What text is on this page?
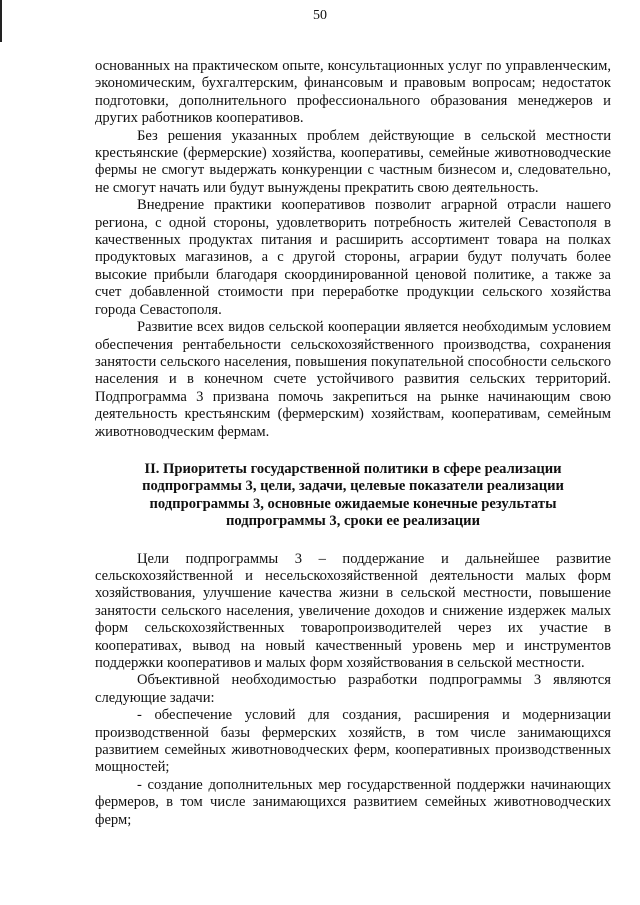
50

основанных на практическом опыте, консультационных услуг по управленческим, экономическим, бухгалтерским, финансовым и правовым вопросам; недостаток подготовки, дополнительного профессионального образования менеджеров и других работников кооперативов.

Без решения указанных проблем действующие в сельской местности крестьянские (фермерские) хозяйства, кооперативы, семейные животноводческие фермы не смогут выдержать конкуренции с частным бизнесом и, следовательно, не смогут начать или будут вынуждены прекратить свою деятельность.

Внедрение практики кооперативов позволит аграрной отрасли нашего региона, с одной стороны, удовлетворить потребность жителей Севастополя в качественных продуктах питания и расширить ассортимент товара на полках продуктовых магазинов, а с другой стороны, аграрии будут получать более высокие прибыли благодаря скоординированной ценовой политике, а также за счет добавленной стоимости при переработке продукции сельского хозяйства города Севастополя.

Развитие всех видов сельской кооперации является необходимым условием обеспечения рентабельности сельскохозяйственного производства, сохранения занятости сельского населения, повышения покупательной способности сельского населения и в конечном счете устойчивого развития сельских территорий. Подпрограмма 3 призвана помочь закрепиться на рынке начинающим свою деятельность крестьянским (фермерским) хозяйствам, кооперативам, семейным животноводческим фермам.

II. Приоритеты государственной политики в сфере реализации
подпрограммы 3, цели, задачи, целевые показатели реализации
подпрограммы 3, основные ожидаемые конечные результаты
подпрограммы 3, сроки ее реализации

Цели подпрограммы 3 – поддержание и дальнейшее развитие сельскохозяйственной и несельскохозяйственной деятельности малых форм хозяйствования, улучшение качества жизни в сельской местности, повышение занятости сельского населения, увеличение доходов и снижение издержек малых форм сельскохозяйственных товаропроизводителей через их участие в кооперативах, вывод на новый качественный уровень мер и инструментов поддержки кооперативов и малых форм хозяйствования в сельской местности.

Объективной необходимостью разработки подпрограммы 3 являются следующие задачи:

- обеспечение условий для создания, расширения и модернизации производственной базы фермерских хозяйств, в том числе занимающихся развитием семейных животноводческих ферм, кооперативных производственных мощностей;

- создание дополнительных мер государственной поддержки начинающих фермеров, в том числе занимающихся развитием семейных животноводческих ферм;
